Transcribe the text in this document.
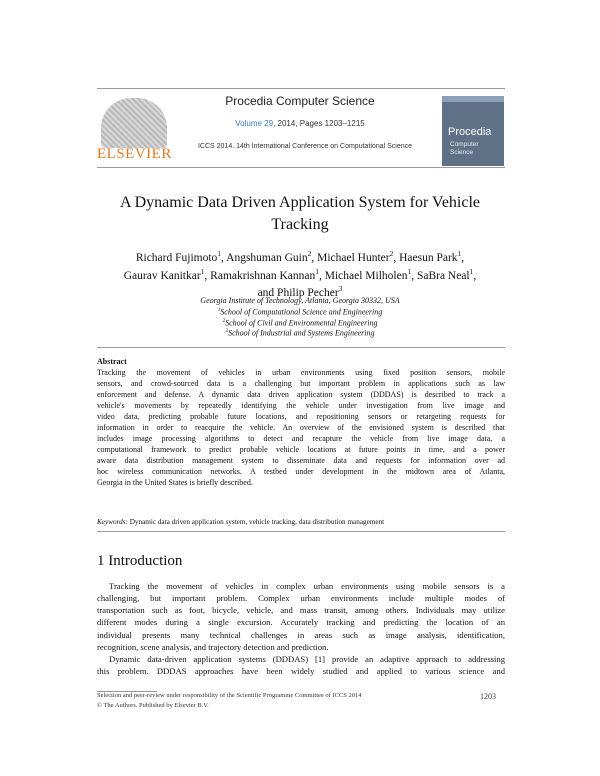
ELSEVIER
Procedia Computer Science
Volume 29, 2014, Pages 1203–1215
ICCS 2014. 14th International Conference on Computational Science
Procedia
Computer
Science
A Dynamic Data Driven Application System for Vehicle Tracking
Richard Fujimoto$^1$, Angshuman Guin$^2$, Michael Hunter$^2$, Haesun Park$^1$,
Gaurav Kanitkar$^1$, Ramakrishnan Kannan$^1$, Michael Milholen$^1$, SaBra Neal$^1$,
and Philip Pecher$^3$
Georgia Institute of Technology, Atlanta, Georgia 30332, USA
$^1$School of Computational Science and Engineering
$^2$School of Civil and Environmental Engineering
$^3$School of Industrial and Systems Engineering
Abstract
Tracking the movement of vehicles in urban environments using fixed position sensors, mobile
sensors, and crowd-sourced data is a challenging but important problem in applications such as law
enforcement and defense. A dynamic data driven application system (DDDAS) is described to track a
vehicle's movements by repeatedly identifying the vehicle under investigation from live image and
video data, predicting probable future locations, and repositioning sensors or retargeting requests for
information in order to reacquire the vehicle. An overview of the envisioned system is described that
includes image processing algorithms to detect and recapture the vehicle from live image data, a
computational framework to predict probable vehicle locations at future points in time, and a power
aware data distribution management system to disseminate data and requests for information over ad
hoc wireless communication networks. A testbed under development in the midtown area of Atlanta,
Georgia in the United States is briefly described.
Keywords: Dynamic data driven application system, vehicle tracking, data distribution management
1 Introduction
Tracking the movement of vehicles in complex urban environments using mobile sensors is a
challenging, but important problem. Complex urban environments include multiple modes of
transportation such as foot, bicycle, vehicle, and mass transit, among others. Individuals may utilize
different modes during a single excursion. Accurately tracking and predicting the location of an
individual presents many technical challenges in areas such as image analysis, identification,
recognition, scene analysis, and trajectory detection and prediction.
Dynamic data-driven application systems (DDDAS) [1] provide an adaptive approach to addressing
this problem. DDDAS approaches have been widely studied and applied to various science and
Selection and peer-review under responsibility of the Scientific Programme Committee of ICCS 2014
© The Authors. Published by Elsevier B.V.
1203
